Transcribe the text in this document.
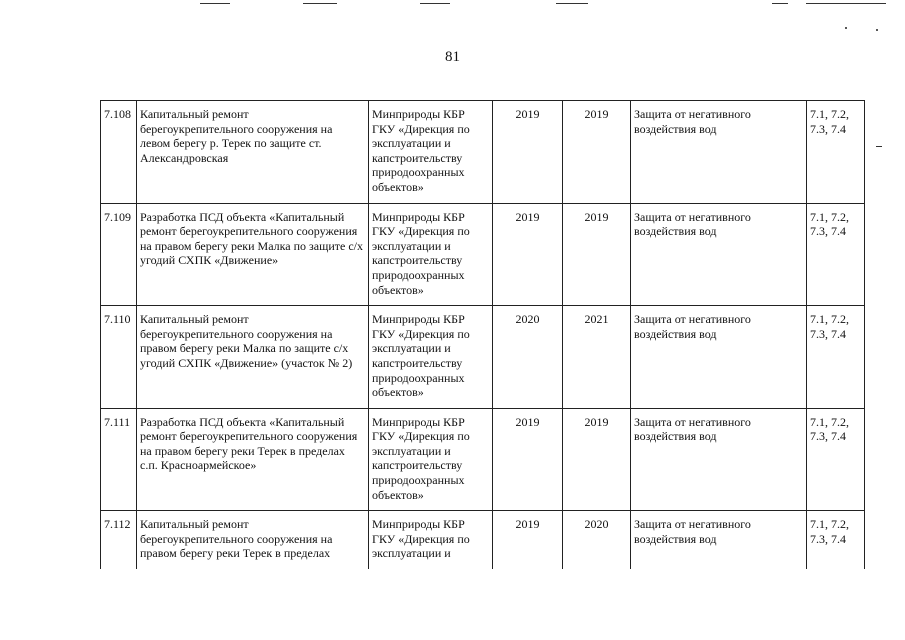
81
7.108	Капитальный ремонт берегоукрепительного сооружения на левом берегу р. Терек по защите ст. Александровская	Минприроды КБР ГКУ «Дирекция по эксплуатации и капстроительству природоохранных объектов»	2019	2019	Защита от негативного воздействия вод	7.1, 7.2, 7.3, 7.4
7.109	Разработка ПСД объекта «Капитальный ремонт берегоукрепительного сооружения на правом берегу реки Малка по защите с/х угодий СХПК «Движение»	Минприроды КБР ГКУ «Дирекция по эксплуатации и капстроительству природоохранных объектов»	2019	2019	Защита от негативного воздействия вод	7.1, 7.2, 7.3, 7.4
7.110	Капитальный ремонт берегоукрепительного сооружения на правом берегу реки Малка по защите с/х угодий СХПК «Движение» (участок № 2)	Минприроды КБР ГКУ «Дирекция по эксплуатации и капстроительству природоохранных объектов»	2020	2021	Защита от негативного воздействия вод	7.1, 7.2, 7.3, 7.4
7.111	Разработка ПСД объекта «Капитальный ремонт берегоукрепительного сооружения на правом берегу реки Терек в пределах с.п. Красноармейское»	Минприроды КБР ГКУ «Дирекция по эксплуатации и капстроительству природоохранных объектов»	2019	2019	Защита от негативного воздействия вод	7.1, 7.2, 7.3, 7.4
7.112	Капитальный ремонт берегоукрепительного сооружения на правом берегу реки Терек в пределах	Минприроды КБР ГКУ «Дирекция по эксплуатации и	2019	2020	Защита от негативного воздействия вод	7.1, 7.2, 7.3, 7.4
